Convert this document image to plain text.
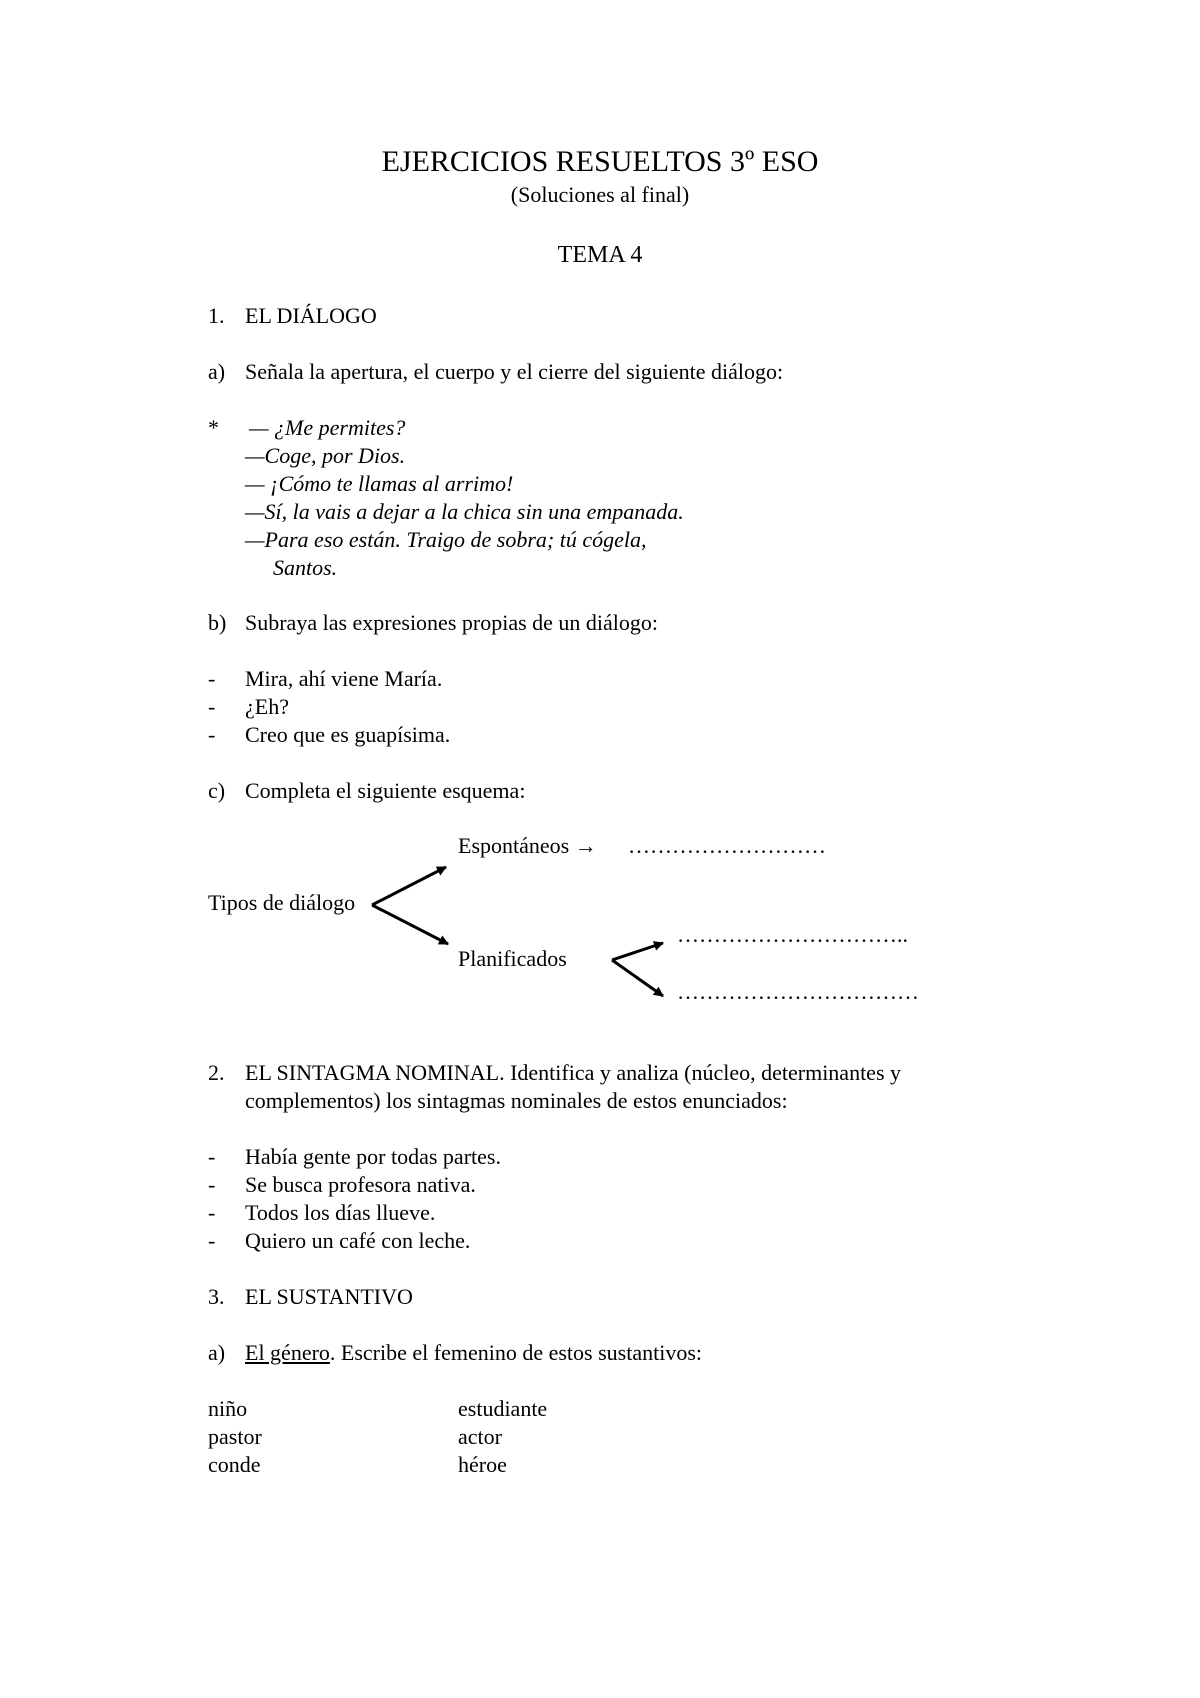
EJERCICIOS RESUELTOS 3º ESO
(Soluciones al final)
TEMA 4
1. EL DIÁLOGO
a) Señala la apertura, el cuerpo y el cierre del siguiente diálogo:
* — ¿Me permites?
—Coge, por Dios.
— ¡Cómo te llamas al arrimo!
—Sí, la vais a dejar a la chica sin una empanada.
—Para eso están. Traigo de sobra; tú cógela,
Santos.
b) Subraya las expresiones propias de un diálogo:
- Mira, ahí viene María.
- ¿Eh?
- Creo que es guapísima.
c) Completa el siguiente esquema:
Espontáneos → ………………………
Tipos de diálogo
Planificados
…………………………..
……………………………
2. EL SINTAGMA NOMINAL. Identifica y analiza (núcleo, determinantes y
complementos) los sintagmas nominales de estos enunciados:
- Había gente por todas partes.
- Se busca profesora nativa.
- Todos los días llueve.
- Quiero un café con leche.
3. EL SUSTANTIVO
a) El género. Escribe el femenino de estos sustantivos:
niño
pastor
conde
estudiante
actor
héroe
